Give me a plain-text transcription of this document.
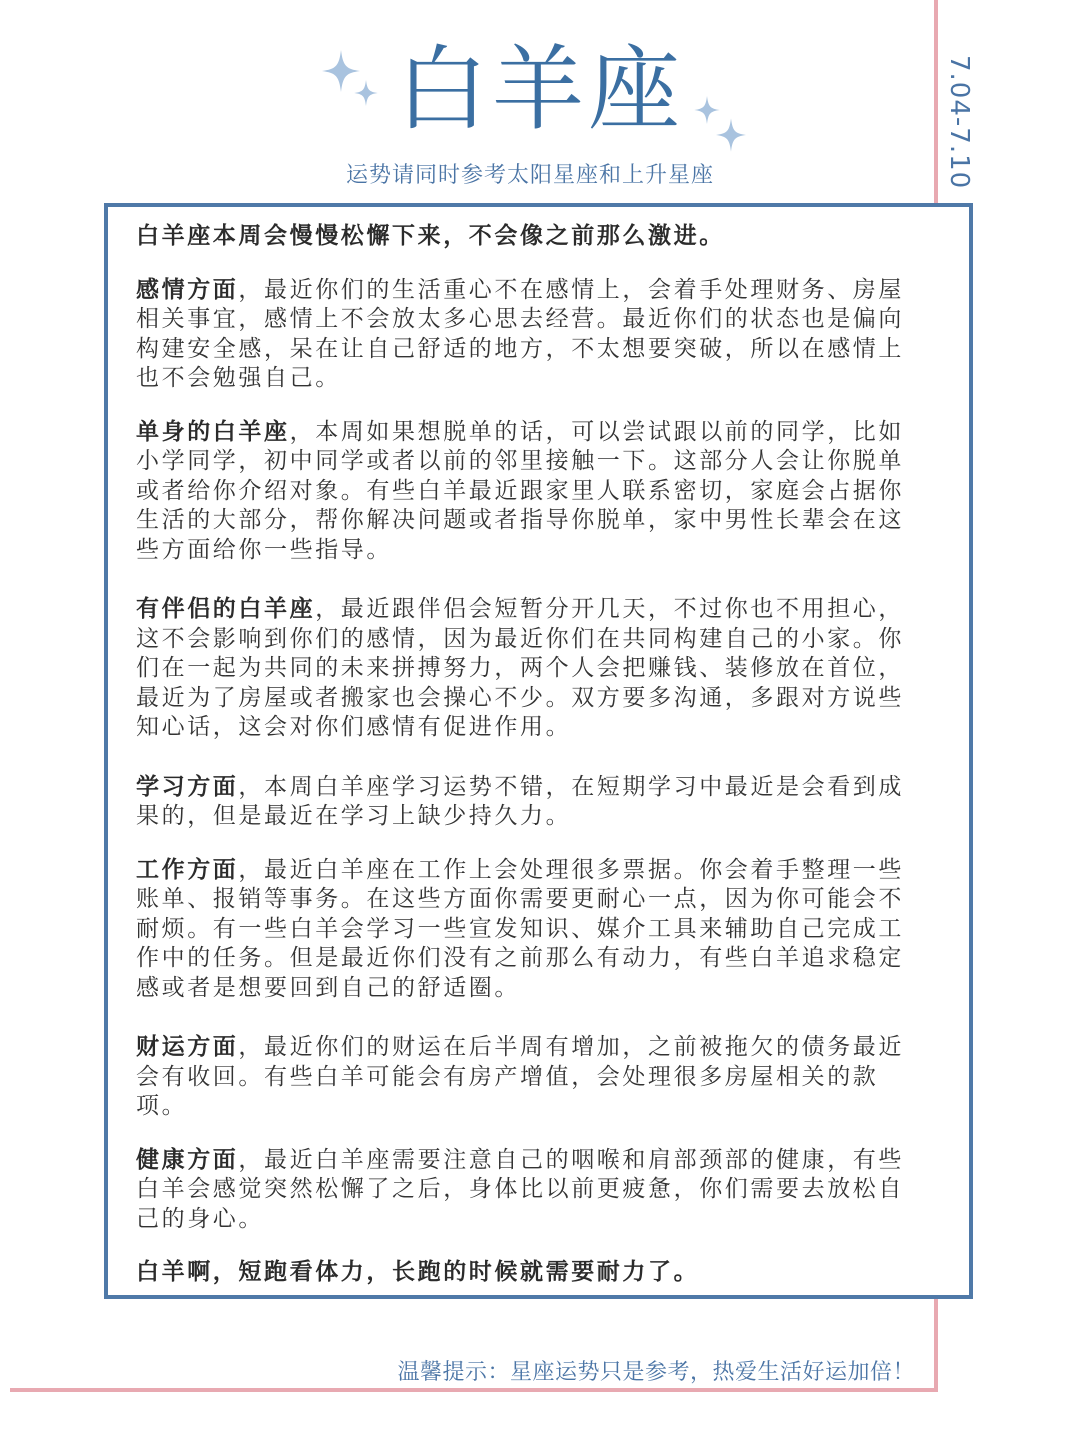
7.04-7.10
白羊座
运势请同时参考太阳星座和上升星座

白羊座本周会慢慢松懈下来，不会像之前那么激进。

感情方面，最近你们的生活重心不在感情上，会着手处理财务、房屋相关事宜，感情上不会放太多心思去经营。最近你们的状态也是偏向构建安全感，呆在让自己舒适的地方，不太想要突破，所以在感情上也不会勉强自己。

单身的白羊座，本周如果想脱单的话，可以尝试跟以前的同学，比如小学同学，初中同学或者以前的邻里接触一下。这部分人会让你脱单或者给你介绍对象。有些白羊最近跟家里人联系密切，家庭会占据你生活的大部分，帮你解决问题或者指导你脱单，家中男性长辈会在这些方面给你一些指导。

有伴侣的白羊座，最近跟伴侣会短暂分开几天，不过你也不用担心，这不会影响到你们的感情，因为最近你们在共同构建自己的小家。你们在一起为共同的未来拼搏努力，两个人会把赚钱、装修放在首位，最近为了房屋或者搬家也会操心不少。双方要多沟通，多跟对方说些知心话，这会对你们感情有促进作用。

学习方面，本周白羊座学习运势不错，在短期学习中最近是会看到成果的，但是最近在学习上缺少持久力。

工作方面，最近白羊座在工作上会处理很多票据。你会着手整理一些账单、报销等事务。在这些方面你需要更耐心一点，因为你可能会不耐烦。有一些白羊会学习一些宣发知识、媒介工具来辅助自己完成工作中的任务。但是最近你们没有之前那么有动力，有些白羊追求稳定感或者是想要回到自己的舒适圈。

财运方面，最近你们的财运在后半周有增加，之前被拖欠的债务最近会有收回。有些白羊可能会有房产增值，会处理很多房屋相关的款项。

健康方面，最近白羊座需要注意自己的咽喉和肩部颈部的健康，有些白羊会感觉突然松懈了之后，身体比以前更疲惫，你们需要去放松自己的身心。

白羊啊，短跑看体力，长跑的时候就需要耐力了。

温馨提示：星座运势只是参考，热爱生活好运加倍！
